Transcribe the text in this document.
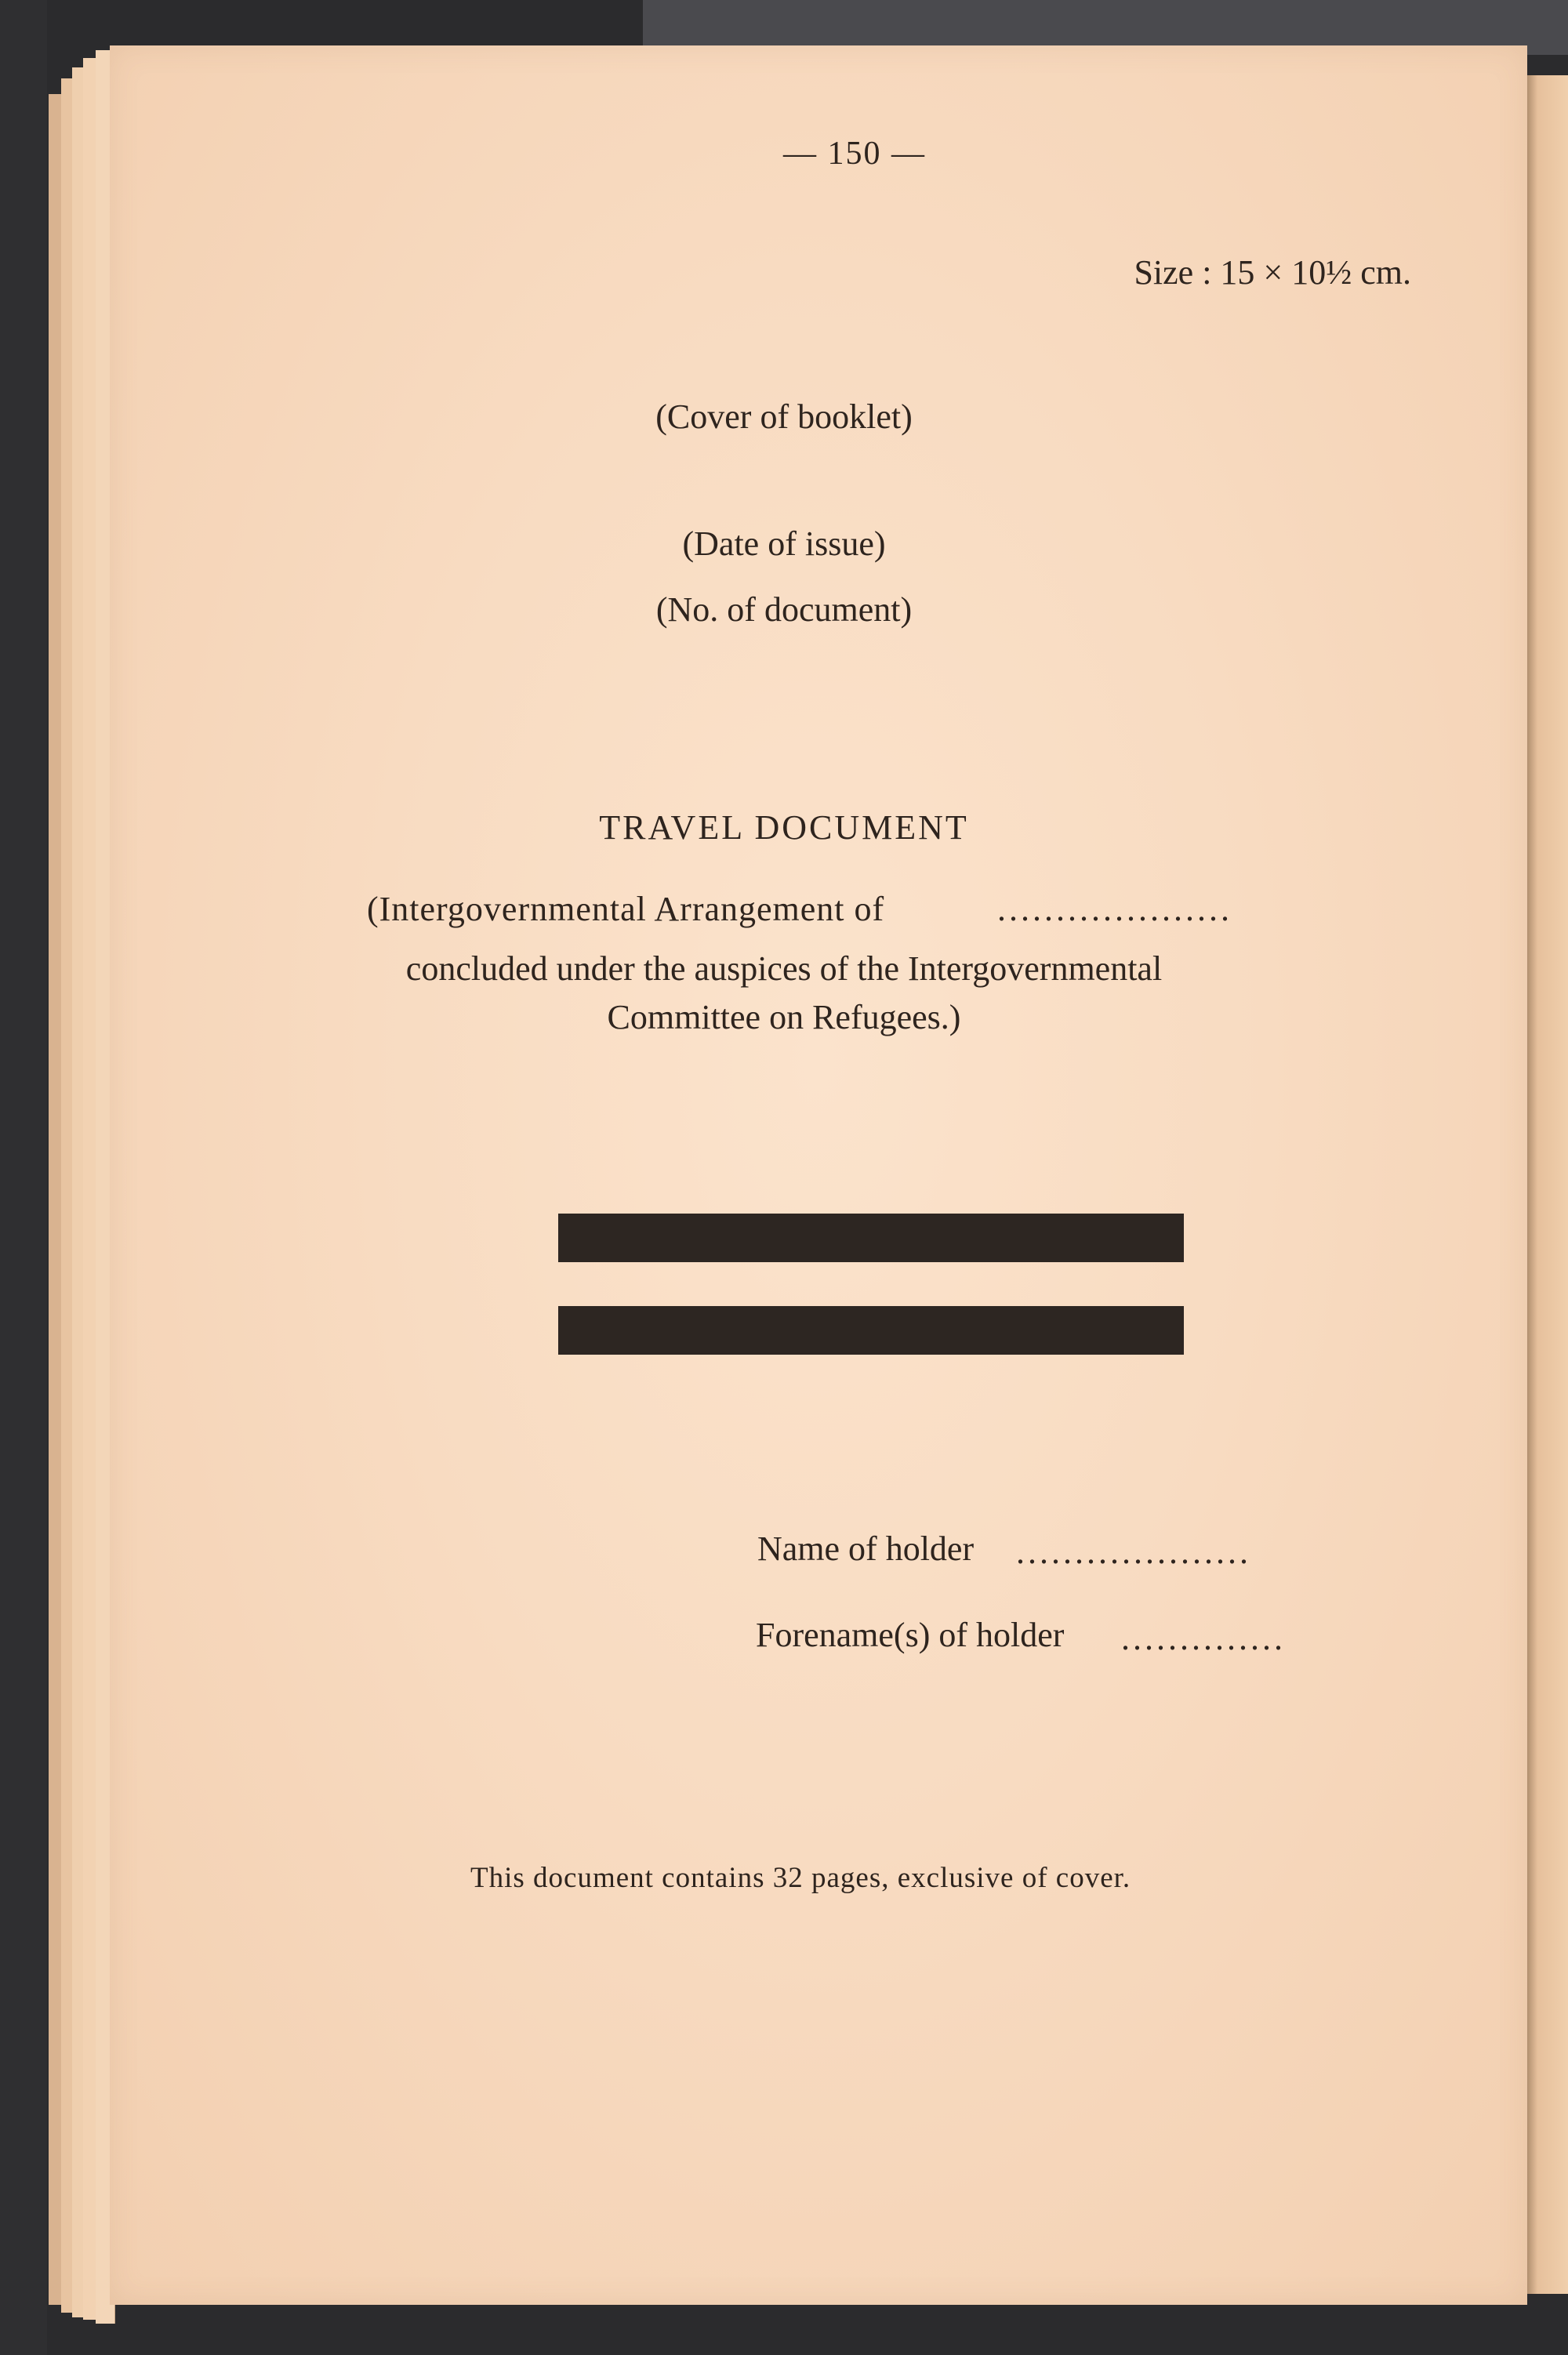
— 150 —
Size : 15 × 10½ cm.
(Cover of booklet)
(Date of issue)
(No. of document)
TRAVEL DOCUMENT
(Intergovernmental Arrangement of	....................
concluded under the auspices of the Intergovernmental
Committee on Refugees.)
Name of holder ....................
Forename(s) of holder ..............
This document contains 32 pages, exclusive of cover.
